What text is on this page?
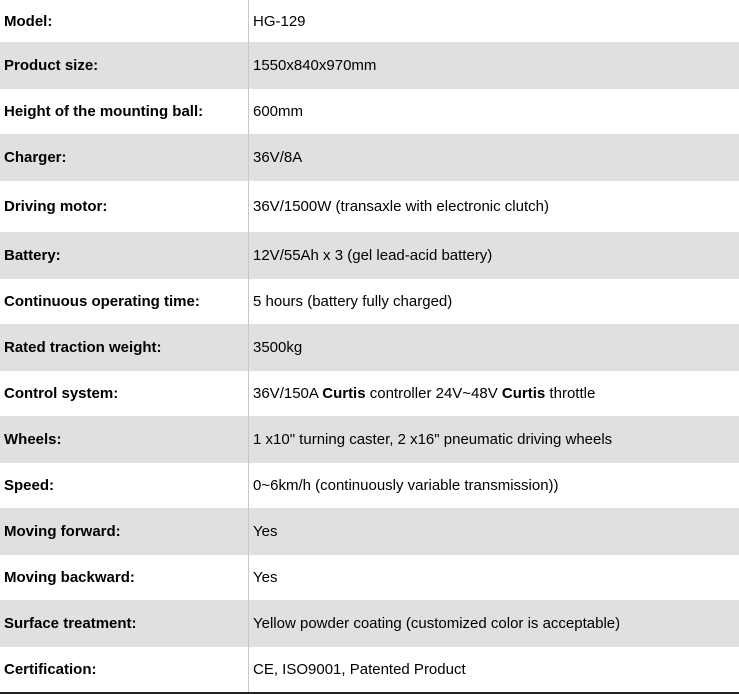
Model:	HG-129
Product size:	1550x840x970mm
Height of the mounting ball:	600mm
Charger:	36V/8A
Driving motor:	36V/1500W (transaxle with electronic clutch)
Battery:	12V/55Ah x 3 (gel lead-acid battery)
Continuous operating time:	5 hours (battery fully charged)
Rated traction weight:	3500kg
Control system:	36V/150A Curtis controller 24V~48V Curtis throttle
Wheels:	1 x10" turning caster, 2 x16" pneumatic driving wheels
Speed:	0~6km/h (continuously variable transmission))
Moving forward:	Yes
Moving backward:	Yes
Surface treatment:	Yellow powder coating (customized color is acceptable)
Certification:	CE, ISO9001, Patented Product
